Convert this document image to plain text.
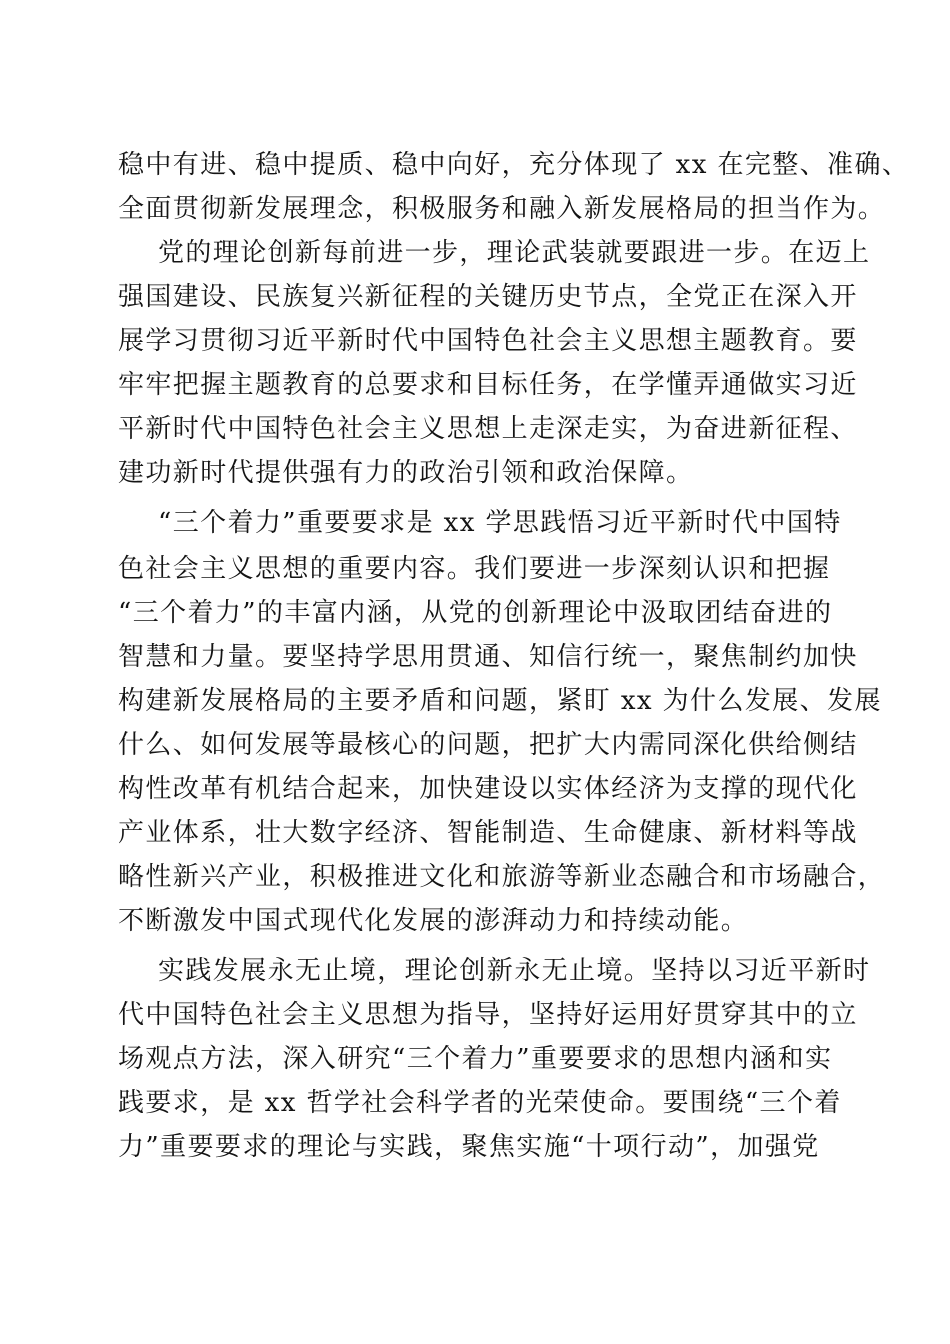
稳中有进、稳中提质、稳中向好，充分体现了 xx 在完整、准确、
全面贯彻新发展理念，积极服务和融入新发展格局的担当作为。
党的理论创新每前进一步，理论武装就要跟进一步。在迈上
强国建设、民族复兴新征程的关键历史节点，全党正在深入开
展学习贯彻习近平新时代中国特色社会主义思想主题教育。要
牢牢把握主题教育的总要求和目标任务，在学懂弄通做实习近
平新时代中国特色社会主义思想上走深走实，为奋进新征程、
建功新时代提供强有力的政治引领和政治保障。
“三个着力”重要要求是 xx 学思践悟习近平新时代中国特
色社会主义思想的重要内容。我们要进一步深刻认识和把握
“三个着力”的丰富内涵，从党的创新理论中汲取团结奋进的
智慧和力量。要坚持学思用贯通、知信行统一，聚焦制约加快
构建新发展格局的主要矛盾和问题，紧盯 xx 为什么发展、发展
什么、如何发展等最核心的问题，把扩大内需同深化供给侧结
构性改革有机结合起来，加快建设以实体经济为支撑的现代化
产业体系，壮大数字经济、智能制造、生命健康、新材料等战
略性新兴产业，积极推进文化和旅游等新业态融合和市场融合，
不断激发中国式现代化发展的澎湃动力和持续动能。
实践发展永无止境，理论创新永无止境。坚持以习近平新时
代中国特色社会主义思想为指导，坚持好运用好贯穿其中的立
场观点方法，深入研究“三个着力”重要要求的思想内涵和实
践要求，是 xx 哲学社会科学者的光荣使命。要围绕“三个着
力”重要要求的理论与实践，聚焦实施“十项行动”，加强党
